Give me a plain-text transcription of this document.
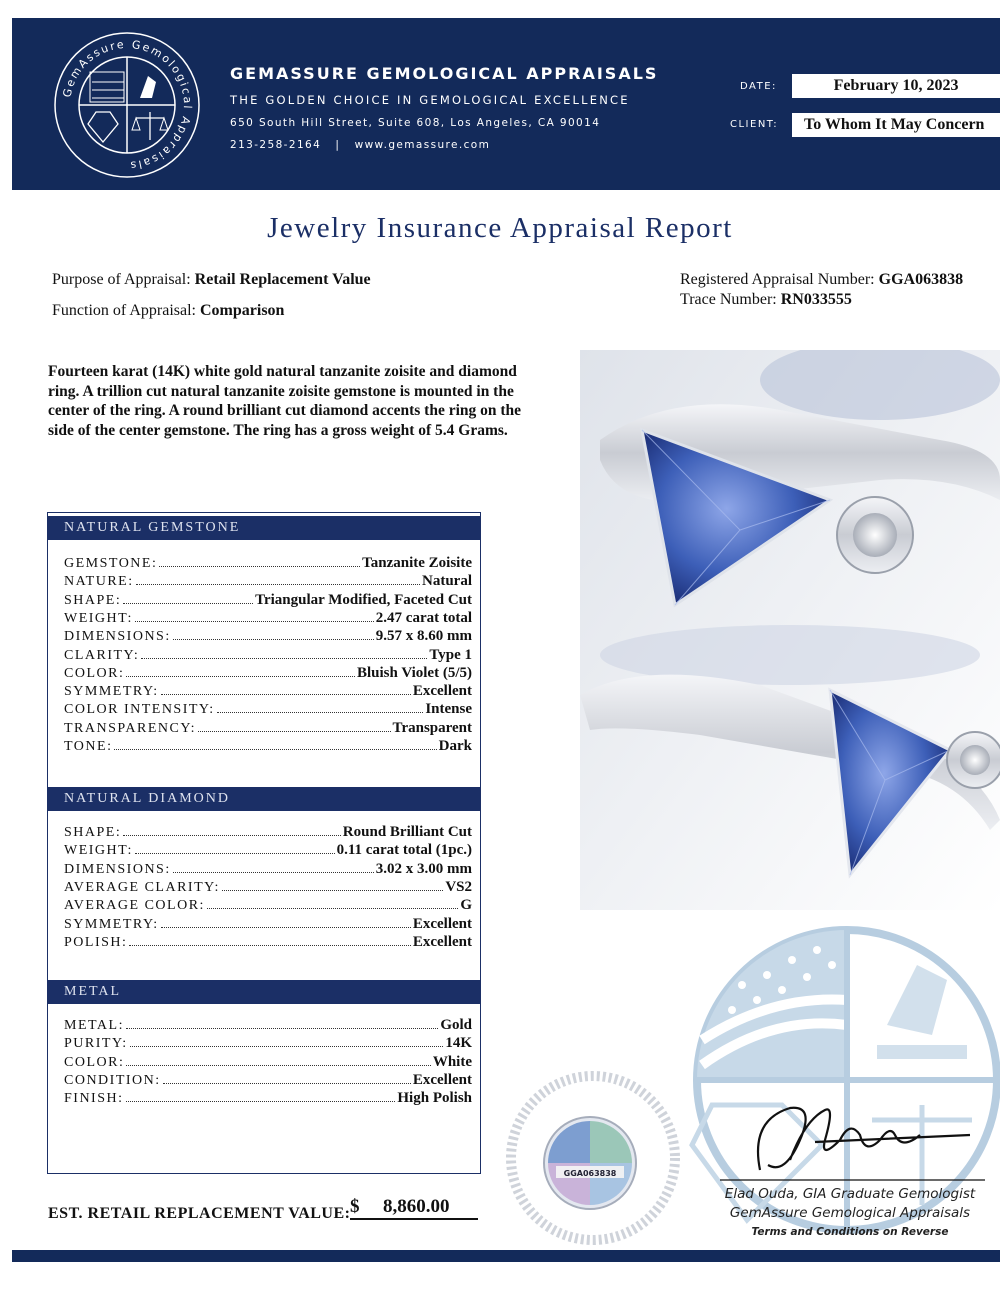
GemAssure Gemological Appraisals
GEMASSURE GEMOLOGICAL APPRAISALS
THE GOLDEN CHOICE IN GEMOLOGICAL EXCELLENCE
650 South Hill Street, Suite 608, Los Angeles, CA 90014
213-258-2164   |   www.gemassure.com
DATE:	February 10, 2023
CLIENT:	To Whom It May Concern
Jewelry Insurance Appraisal Report
Purpose of Appraisal: Retail Replacement Value
Function of Appraisal: Comparison
Registered Appraisal Number: GGA063838
Trace Number: RN033555
Fourteen karat (14K) white gold natural tanzanite zoisite and diamond ring. A trillion cut natural tanzanite zoisite gemstone is mounted in the center of the ring. A round brilliant cut diamond accents the ring on the side of the center gemstone. The ring has a gross weight of 5.4 Grams.
NATURAL GEMSTONE
GEMSTONE:	Tanzanite Zoisite
NATURE:	Natural
SHAPE:	Triangular Modified, Faceted Cut
WEIGHT:	2.47 carat total
DIMENSIONS:	9.57 x 8.60 mm
CLARITY:	Type 1
COLOR:	Bluish Violet (5/5)
SYMMETRY:	Excellent
COLOR INTENSITY:	Intense
TRANSPARENCY:	Transparent
TONE:	Dark
NATURAL DIAMOND
SHAPE:	Round Brilliant Cut
WEIGHT:	0.11 carat total (1pc.)
DIMENSIONS:	3.02 x 3.00 mm
AVERAGE CLARITY:	VS2
AVERAGE COLOR:	G
SYMMETRY:	Excellent
POLISH:	Excellent
METAL
METAL:	Gold
PURITY:	14K
COLOR:	White
CONDITION:	Excellent
FINISH:	High Polish
EST. RETAIL REPLACEMENT VALUE: $ 8,860.00
GGA063838
Elad Ouda, GIA Graduate Gemologist
GemAssure Gemological Appraisals
Terms and Conditions on Reverse
